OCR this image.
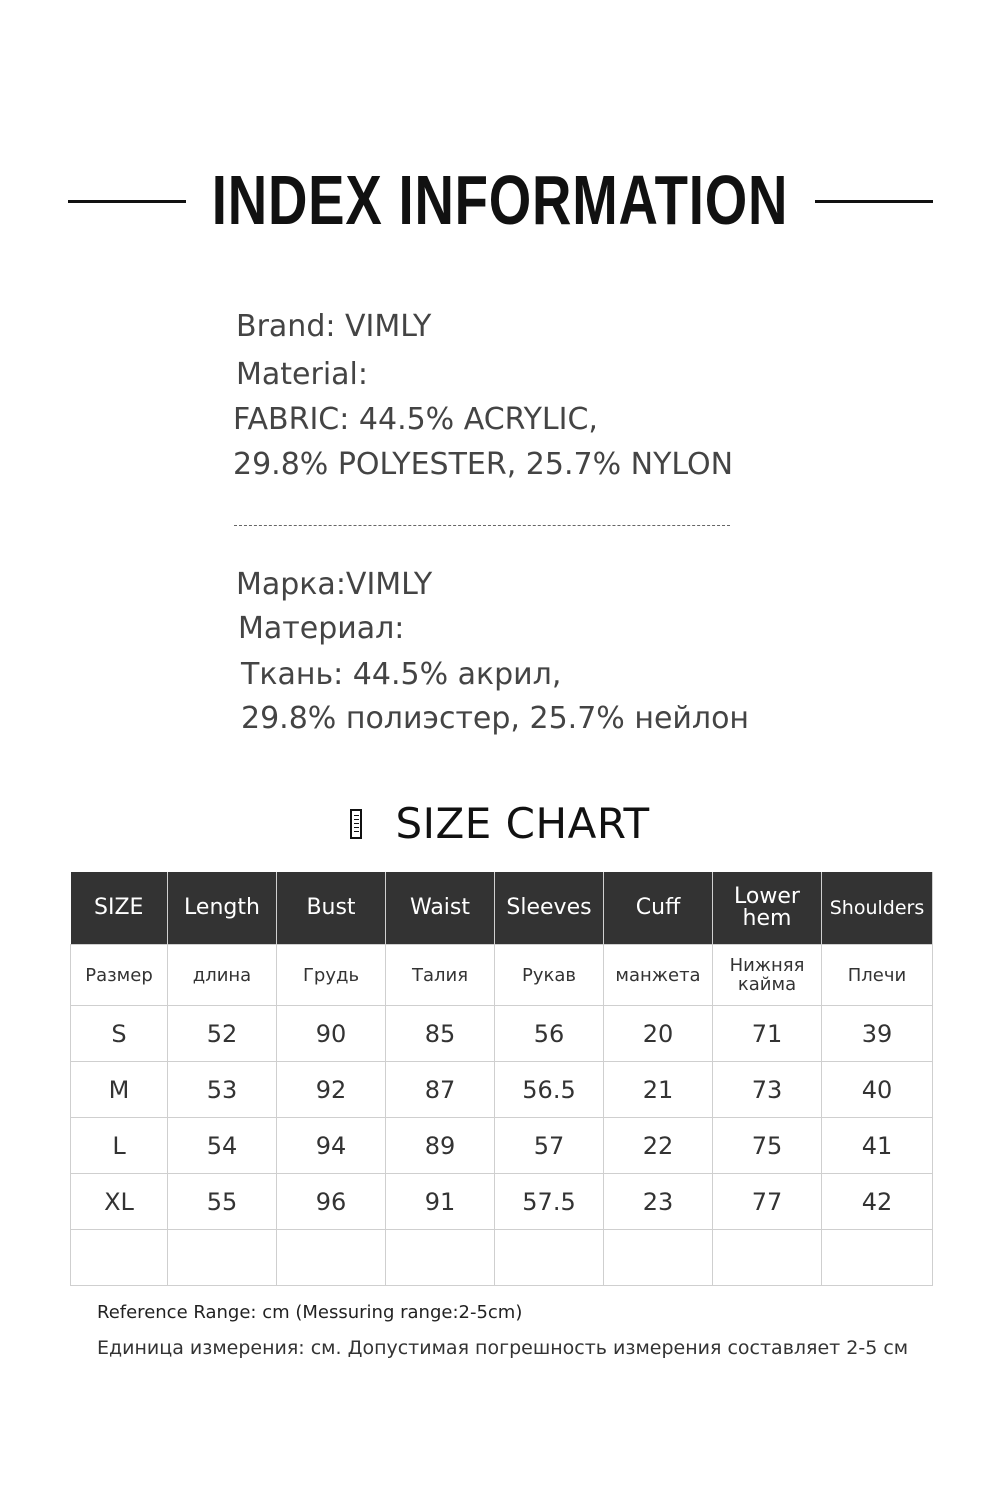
INDEX INFORMATION
Brand: VIMLY
Material:
FABRIC: 44.5% ACRYLIC,
29.8% POLYESTER, 25.7% NYLON
Марка:VIMLY
Материал:
Ткань: 44.5% акрил,
29.8% полиэстер, 25.7% нейлон
SIZE CHART
SIZE	Length	Bust	Waist	Sleeves	Cuff	Lower hem	Shoulders
Размер	длина	Грудь	Талия	Рукав	манжета	Нижняя кайма	Плечи
S	52	90	85	56	20	71	39
M	53	92	87	56.5	21	73	40
L	54	94	89	57	22	75	41
XL	55	96	91	57.5	23	77	42

Reference Range: cm (Messuring range:2-5cm)
Единица измерения: см. Допустимая погрешность измерения составляет 2-5 см
